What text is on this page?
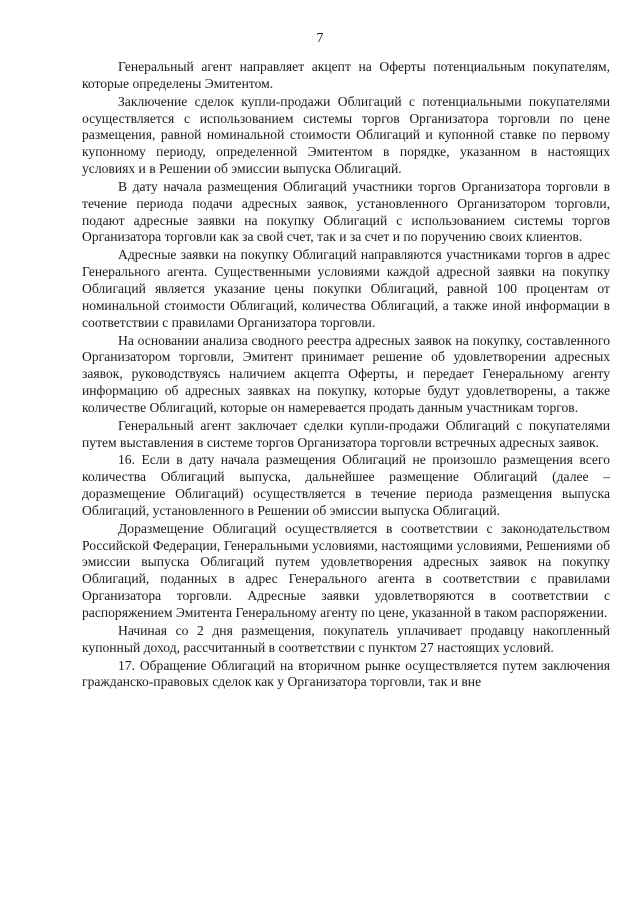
7

Генеральный агент направляет акцепт на Оферты потенциальным покупателям, которые определены Эмитентом.

Заключение сделок купли-продажи Облигаций с потенциальными покупателями осуществляется с использованием системы торгов Организатора торговли по цене размещения, равной номинальной стоимости Облигаций и купонной ставке по первому купонному периоду, определенной Эмитентом в порядке, указанном в настоящих условиях и в Решении об эмиссии выпуска Облигаций.

В дату начала размещения Облигаций участники торгов Организатора торговли в течение периода подачи адресных заявок, установленного Организатором торговли, подают адресные заявки на покупку Облигаций с использованием системы торгов Организатора торговли как за свой счет, так и за счет и по поручению своих клиентов.

Адресные заявки на покупку Облигаций направляются участниками торгов в адрес Генерального агента. Существенными условиями каждой адресной заявки на покупку Облигаций является указание цены покупки Облигаций, равной 100 процентам от номинальной стоимости Облигаций, количества Облигаций, а также иной информации в соответствии с правилами Организатора торговли.

На основании анализа сводного реестра адресных заявок на покупку, составленного Организатором торговли, Эмитент принимает решение об удовлетворении адресных заявок, руководствуясь наличием акцепта Оферты, и передает Генеральному агенту информацию об адресных заявках на покупку, которые будут удовлетворены, а также количестве Облигаций, которые он намеревается продать данным участникам торгов.

Генеральный агент заключает сделки купли-продажи Облигаций с покупателями путем выставления в системе торгов Организатора торговли встречных адресных заявок.

16. Если в дату начала размещения Облигаций не произошло размещения всего количества Облигаций выпуска, дальнейшее размещение Облигаций (далее – доразмещение Облигаций) осуществляется в течение периода размещения выпуска Облигаций, установленного в Решении об эмиссии выпуска Облигаций.

Доразмещение Облигаций осуществляется в соответствии с законодательством Российской Федерации, Генеральными условиями, настоящими условиями, Решениями об эмиссии выпуска Облигаций путем удовлетворения адресных заявок на покупку Облигаций, поданных в адрес Генерального агента в соответствии с правилами Организатора торговли. Адресные заявки удовлетворяются в соответствии с распоряжением Эмитента Генеральному агенту по цене, указанной в таком распоряжении.

Начиная со 2 дня размещения, покупатель уплачивает продавцу накопленный купонный доход, рассчитанный в соответствии с пунктом 27 настоящих условий.

17. Обращение Облигаций на вторичном рынке осуществляется путем заключения гражданско-правовых сделок как у Организатора торговли, так и вне
